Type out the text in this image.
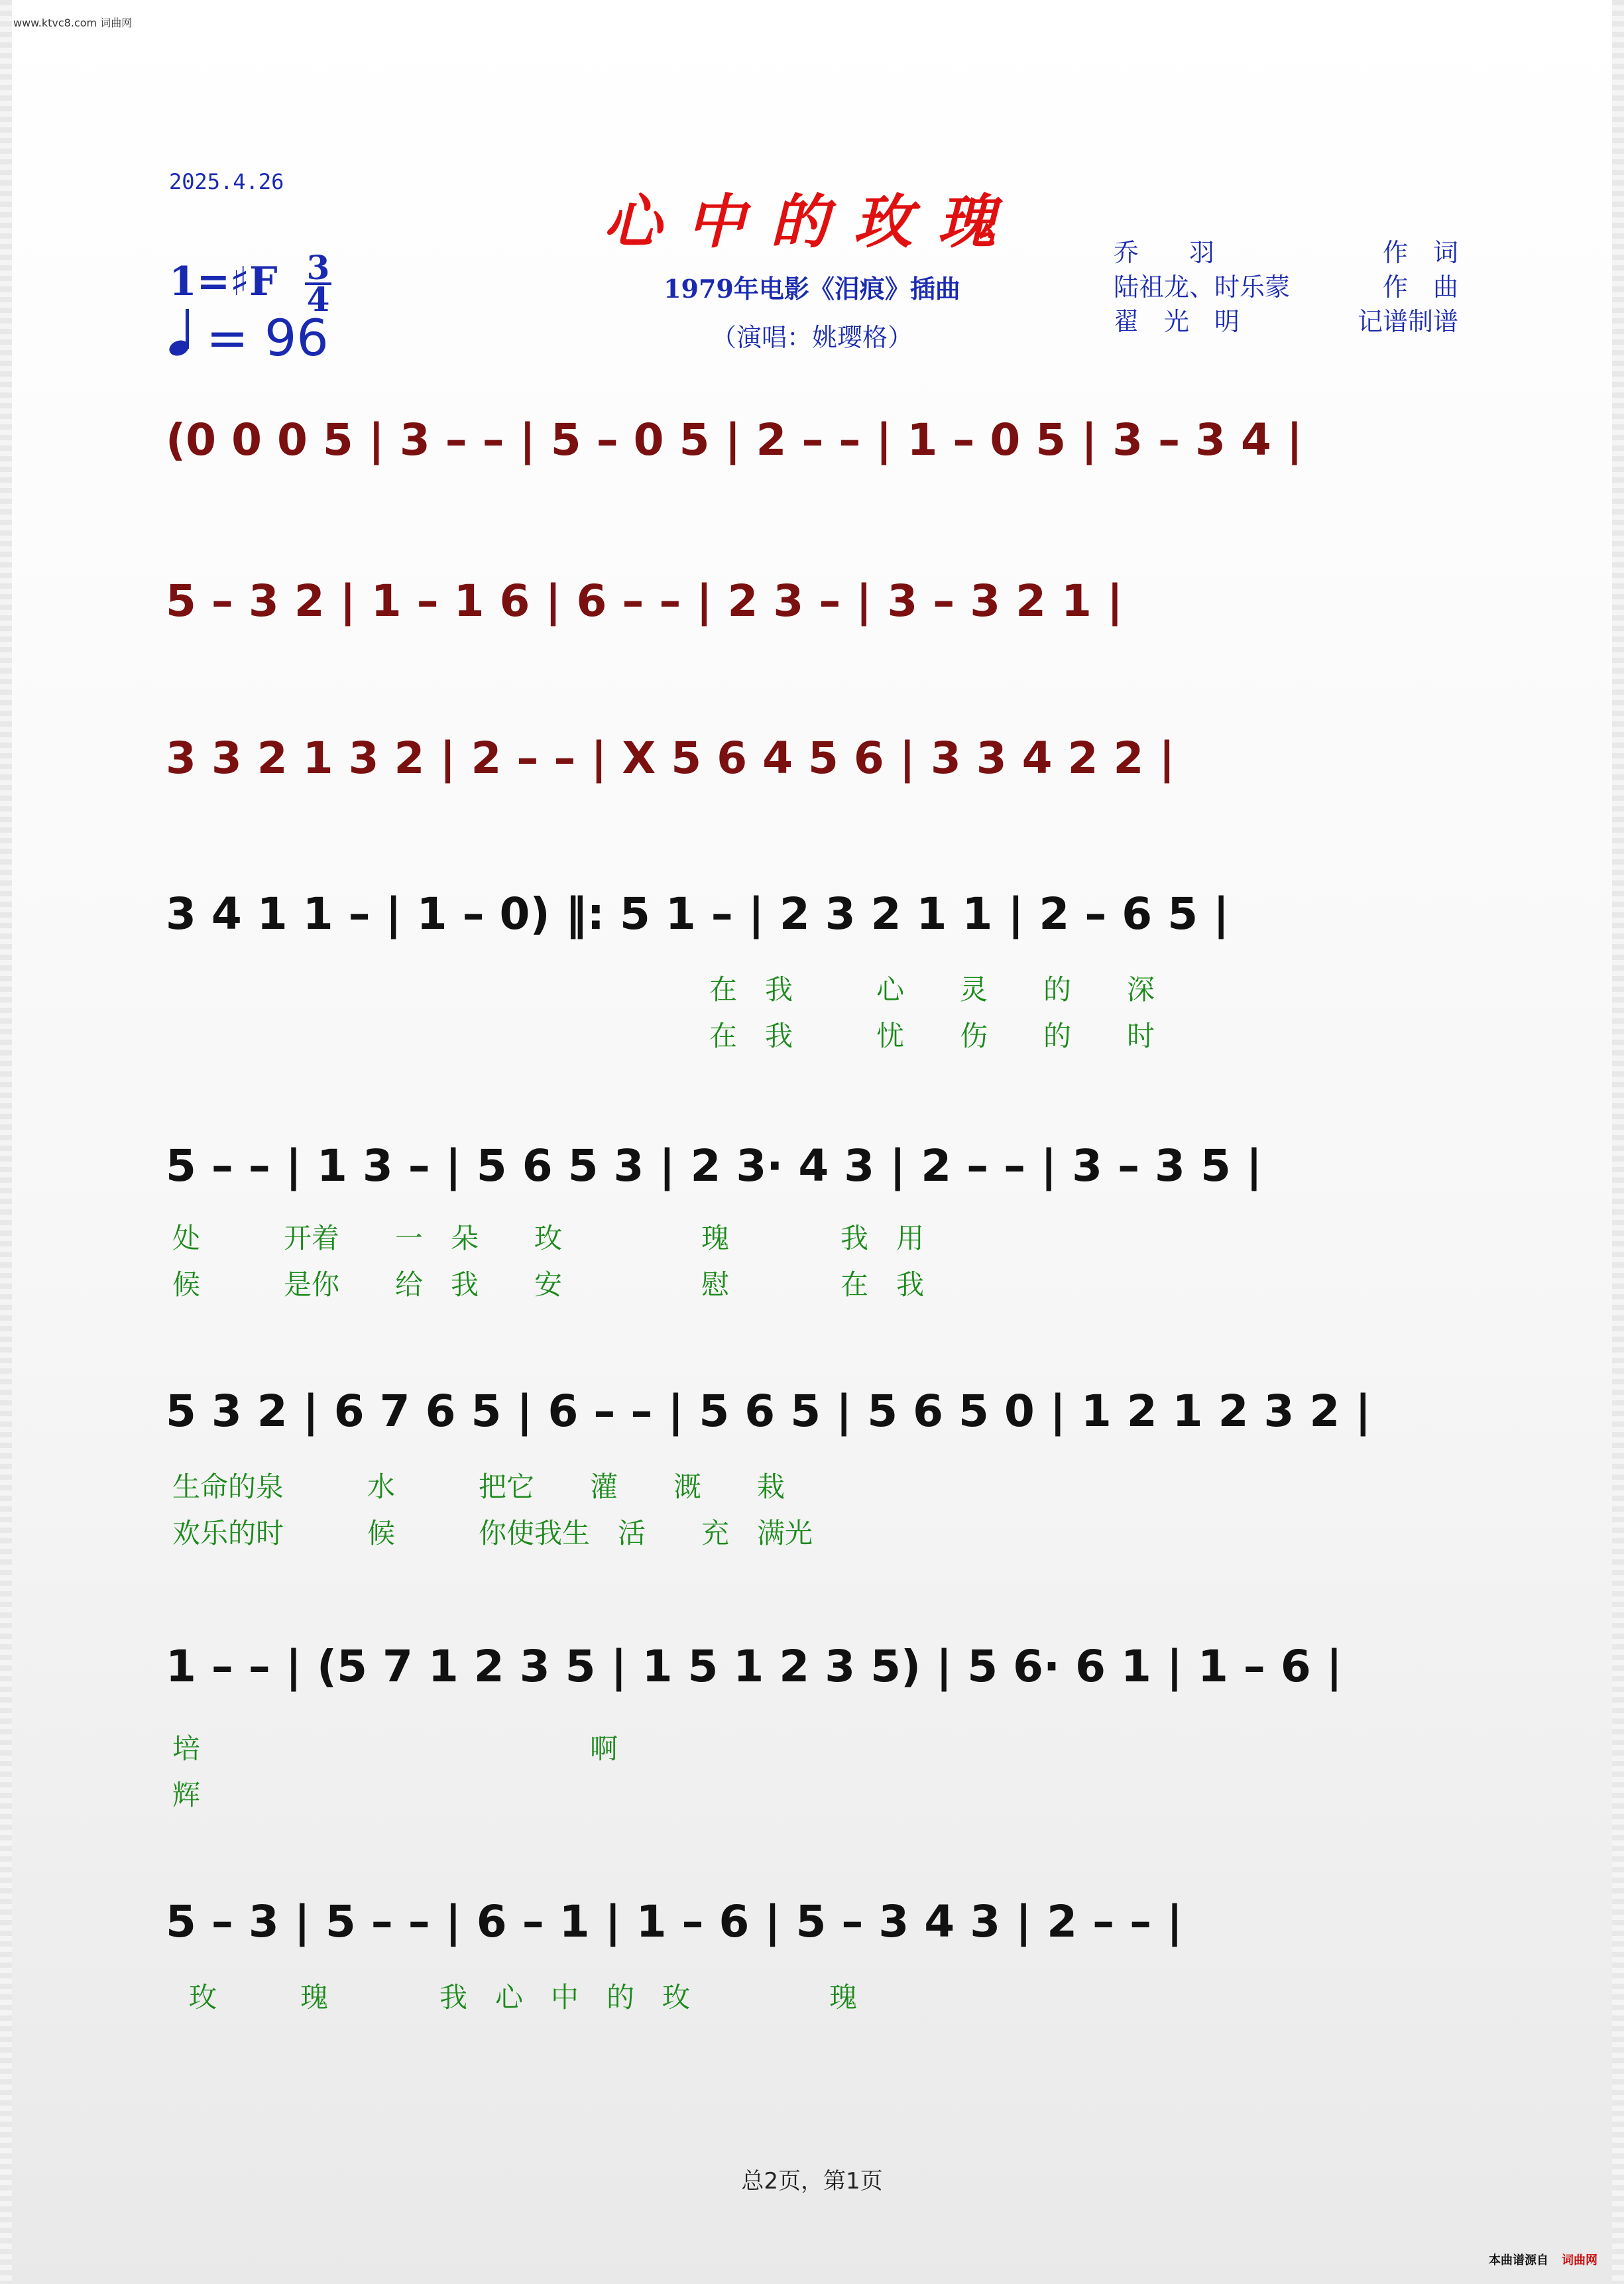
www.ktvc8.com 词曲网
2025.4.26
心中的玫瑰
1979年电影《泪痕》插曲
（演唱：姚璎格）
乔　　羽	作　词
陆祖龙、时乐蒙	作　曲
翟　光　明	记谱制谱
1=♯F 3
4
= 96
(0 0 0 5 | 3 – – | 5 – 0 5 | 2 – – | 1 – 0 5 | 3 – 3 4 |
5 – 3 2 | 1 – 1 6 | 6 – – | 2 3 – | 3 – 3 2 1 |
3 3 2 1 3 2 | 2 – – | X 5 6 4 5 6 | 3 3 4 2 2 |
3 4 1 1 – | 1 – 0) ‖: 5 1 – | 2 3 2 1 1 | 2 – 6 5 |
在　我　　　心　　灵　　的　　深
在　我　　　忧　　伤　　的　　时
5 – – | 1 3 – | 5 6 5 3 | 2 3· 4 3 | 2 – – | 3 – 3 5 |
处　　　开着　　一　朵　　玫　　　　　瑰　　　　我　用
候　　　是你　　给　我　　安　　　　　慰　　　　在　我
5 3 2 | 6 7 6 5 | 6 – – | 5 6 5 | 5 6 5 0 | 1 2 1 2 3 2 |
生命的泉　　　水　　　把它　　灌　　溉　　栽
欢乐的时　　　候　　　你使我生　活　　充　满光
1 – – | (5 7 1 2 3 5 | 1 5 1 2 3 5) | 5 6· 6 1 | 1 – 6 |
培　　　　　　　　　　　　　　啊
辉
5 – 3 | 5 – – | 6 – 1 | 1 – 6 | 5 – 3 4 3 | 2 – – |
玫　　　瑰　　　　我　心　中　的　玫　　　　　瑰
总2页，第1页
本曲谱源自 词曲网
